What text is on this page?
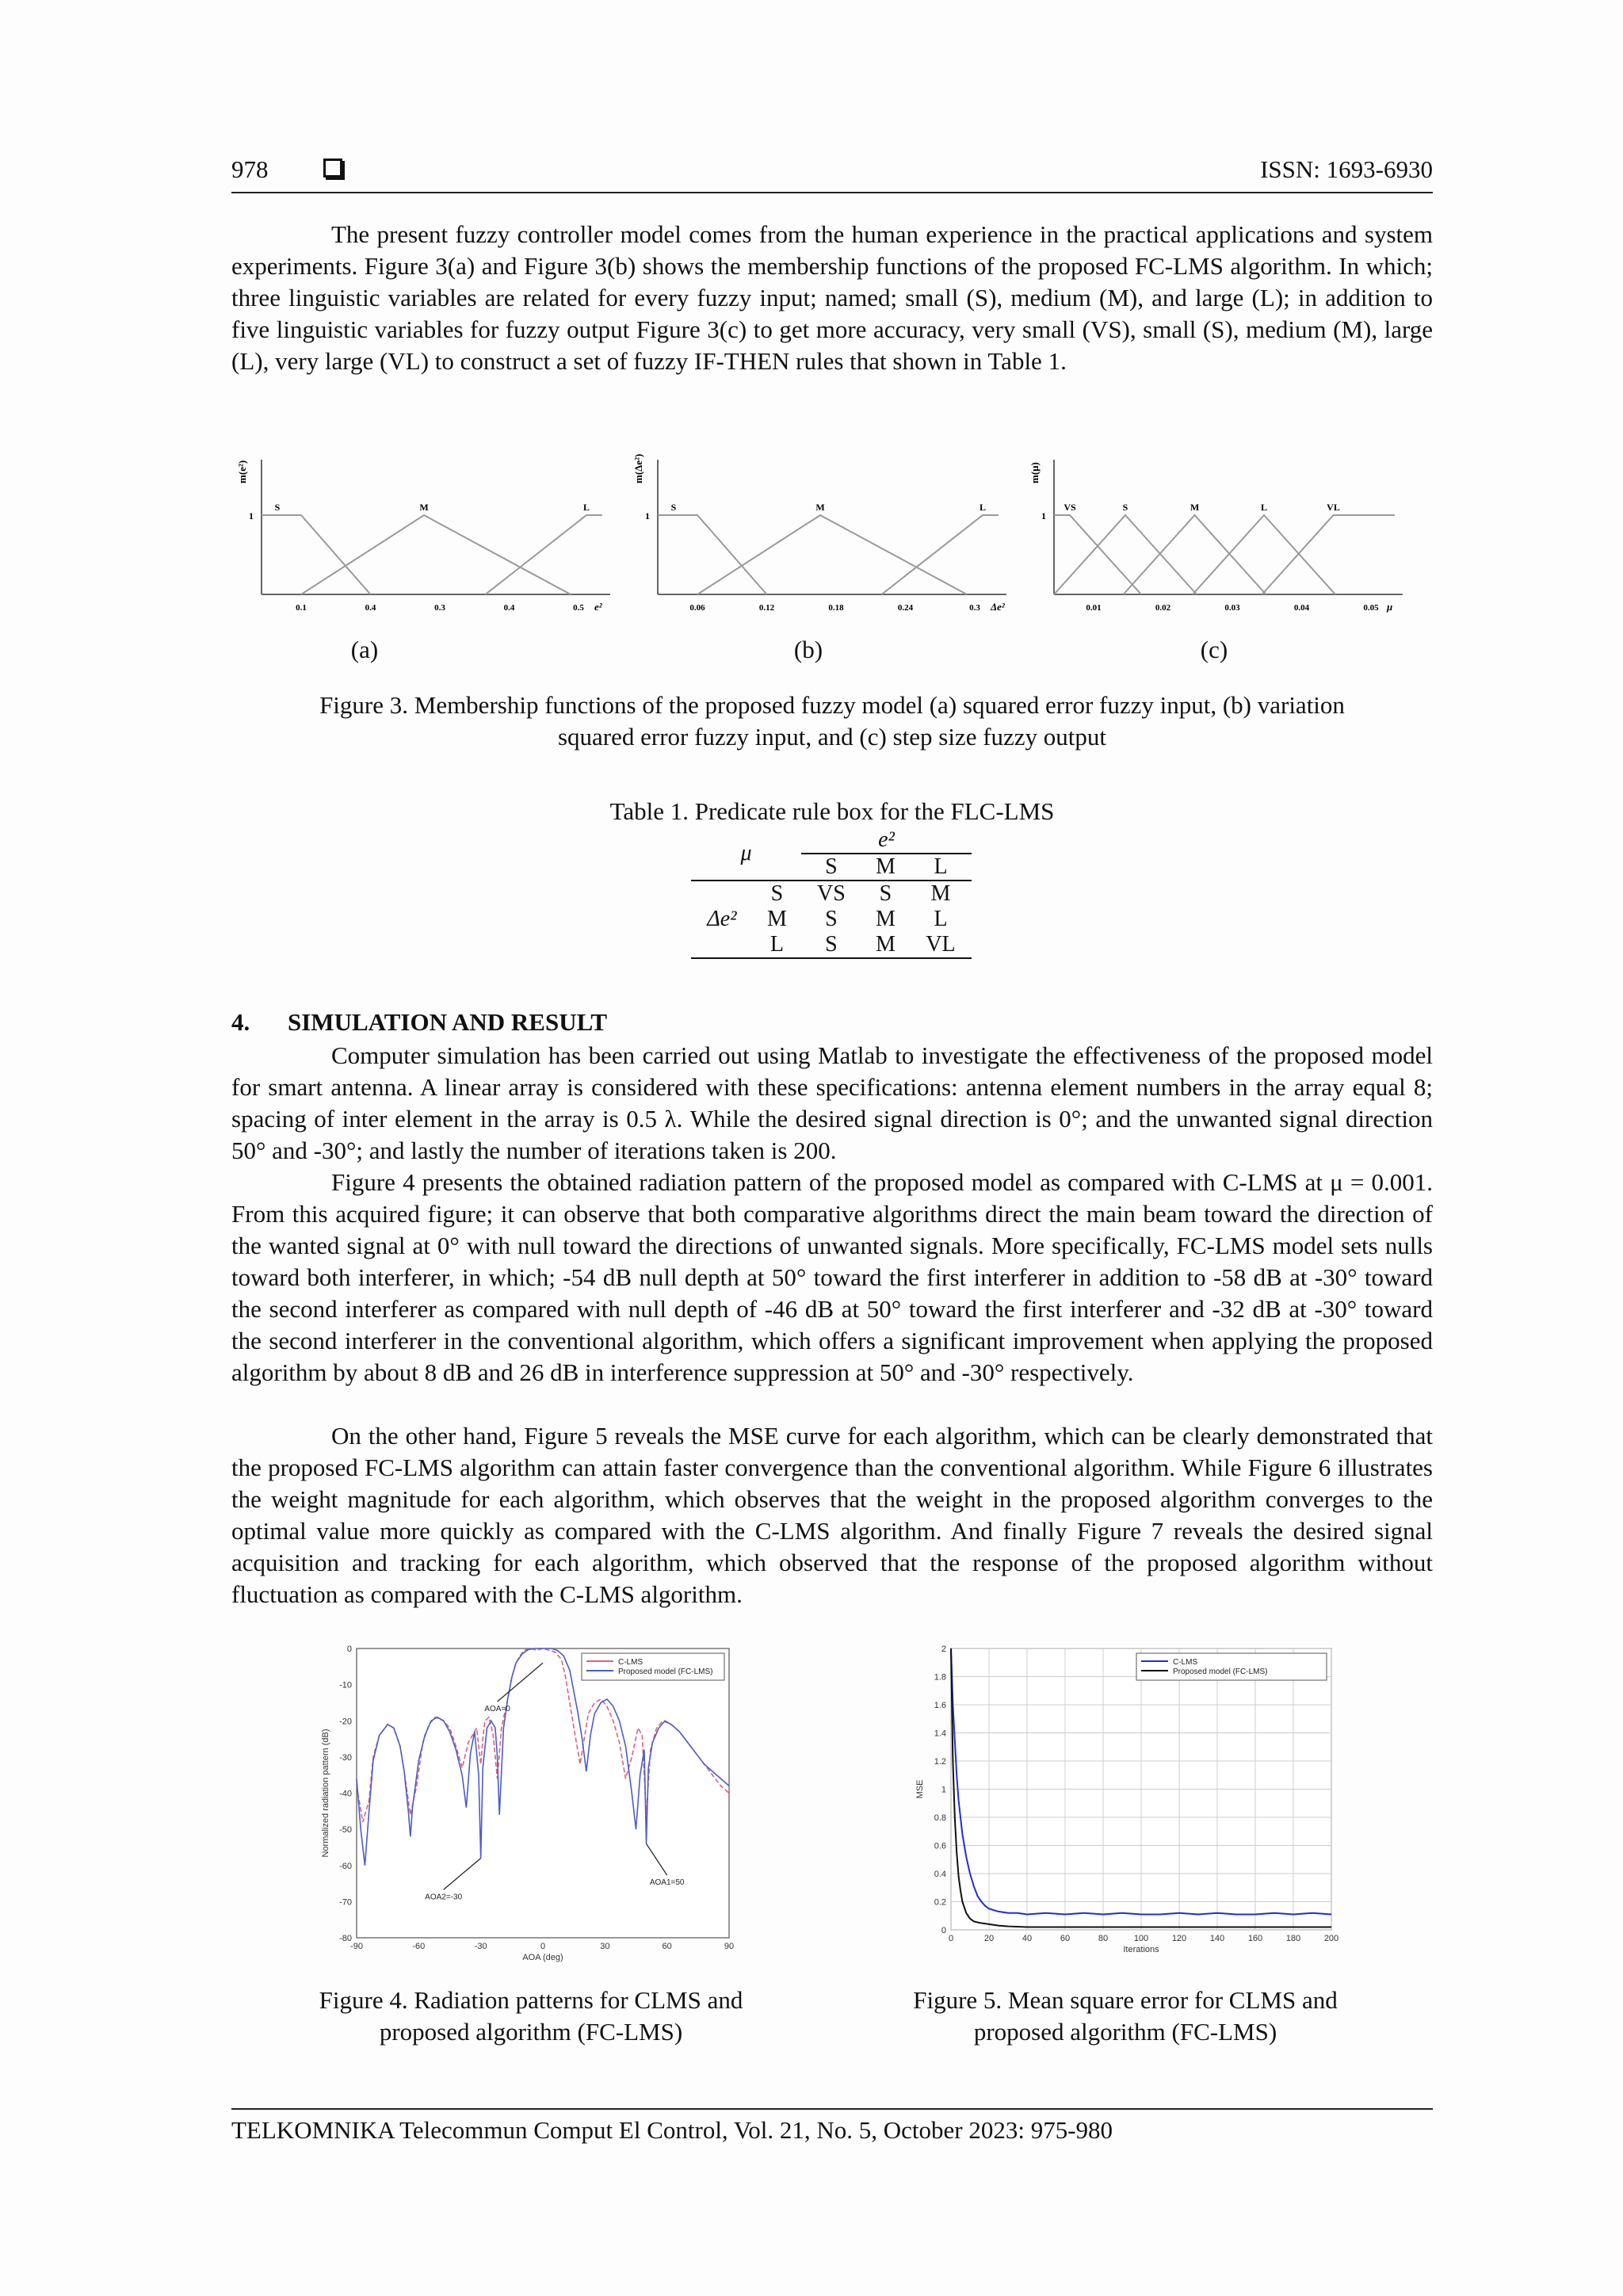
978	ISSN: 1693-6930

The present fuzzy controller model comes from the human experience in the practical applications and system experiments. Figure 3(a) and Figure 3(b) shows the membership functions of the proposed FC-LMS algorithm. In which; three linguistic variables are related for every fuzzy input; named; small (S), medium (M), and large (L); in addition to five linguistic variables for fuzzy output Figure 3(c) to get more accuracy, very small (VS), small (S), medium (M), large (L), very large (VL) to construct a set of fuzzy IF-THEN rules that shown in Table 1.

m(e²)
1
e²
0.1	0.4	0.3	0.4	0.5
S	M	L
m(Δe²)
1
Δe²
0.06	0.12	0.18	0.24	0.3
S	M	L
m(μ)
1
μ
0.01	0.02	0.03	0.04	0.05
VS	S	M	L	VL
(a)	(b)	(c)

Figure 3. Membership functions of the proposed fuzzy model (a) squared error fuzzy input, (b) variation

squared error fuzzy input, and (c) step size fuzzy output

Table 1. Predicate rule box for the FLC-LMS

μ		e²		
		S	M	L
Δe²	S	VS	S	M
	M	S	M	L
	L	S	M	VL
4. SIMULATION AND RESULT

Computer simulation has been carried out using Matlab to investigate the effectiveness of the proposed model for smart antenna. A linear array is considered with these specifications: antenna element numbers in the array equal 8; spacing of inter element in the array is 0.5 λ. While the desired signal direction is 0°; and the unwanted signal direction 50° and -30°; and lastly the number of iterations taken is 200.

Figure 4 presents the obtained radiation pattern of the proposed model as compared with C-LMS at μ = 0.001. From this acquired figure; it can observe that both comparative algorithms direct the main beam toward the direction of the wanted signal at 0° with null toward the directions of unwanted signals. More specifically, FC-LMS model sets nulls toward both interferer, in which; -54 dB null depth at 50° toward the first interferer in addition to -58 dB at -30° toward the second interferer as compared with null depth of -46 dB at 50° toward the first interferer and -32 dB at -30° toward the second interferer in the conventional algorithm, which offers a significant improvement when applying the proposed algorithm by about 8 dB and 26 dB in interference suppression at 50° and -30° respectively.

On the other hand, Figure 5 reveals the MSE curve for each algorithm, which can be clearly demonstrated that the proposed FC-LMS algorithm can attain faster convergence than the conventional algorithm. While Figure 6 illustrates the weight magnitude for each algorithm, which observes that the weight in the proposed algorithm converges to the optimal value more quickly as compared with the C-LMS algorithm. And finally Figure 7 reveals the desired signal acquisition and tracking for each algorithm, which observed that the response of the proposed algorithm without fluctuation as compared with the C-LMS algorithm.

-90	-60	-30	0	30	60	90
0
-10
-20
-30
-40
-50
-60
-70
-80
AOA (deg)
Normalized radiation pattern (dB)
C-LMS
Proposed model (FC-LMS)
AOA=0
AOA2=-30
AOA1=50
0	20	40	60	80	100	120	140	160	180	200
0
0.2
0.4
0.6
0.8
1
1.2
1.4
1.6
1.8
2
Iterations
MSE
C-LMS
Proposed model (FC-LMS)

Figure 4. Radiation patterns for CLMS and

proposed algorithm (FC-LMS)

Figure 5. Mean square error for CLMS and

proposed algorithm (FC-LMS)

TELKOMNIKA Telecommun Comput El Control, Vol. 21, No. 5, October 2023: 975-980
